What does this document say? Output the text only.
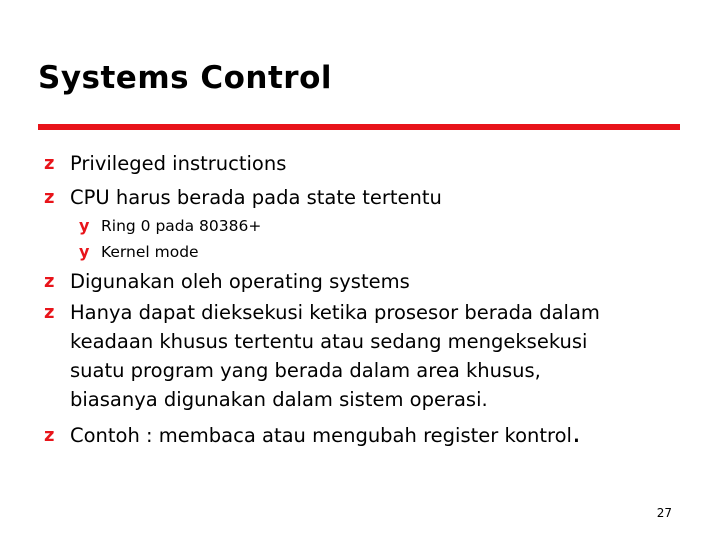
Systems Control
z Privileged instructions
z CPU harus berada pada state tertentu
y Ring 0 pada 80386+
y Kernel mode
z Digunakan oleh operating systems
z Hanya dapat dieksekusi ketika prosesor berada dalam
keadaan khusus tertentu atau sedang mengeksekusi
suatu program yang berada dalam area khusus,
biasanya digunakan dalam sistem operasi.
z Contoh : membaca atau mengubah register kontrol.
27
